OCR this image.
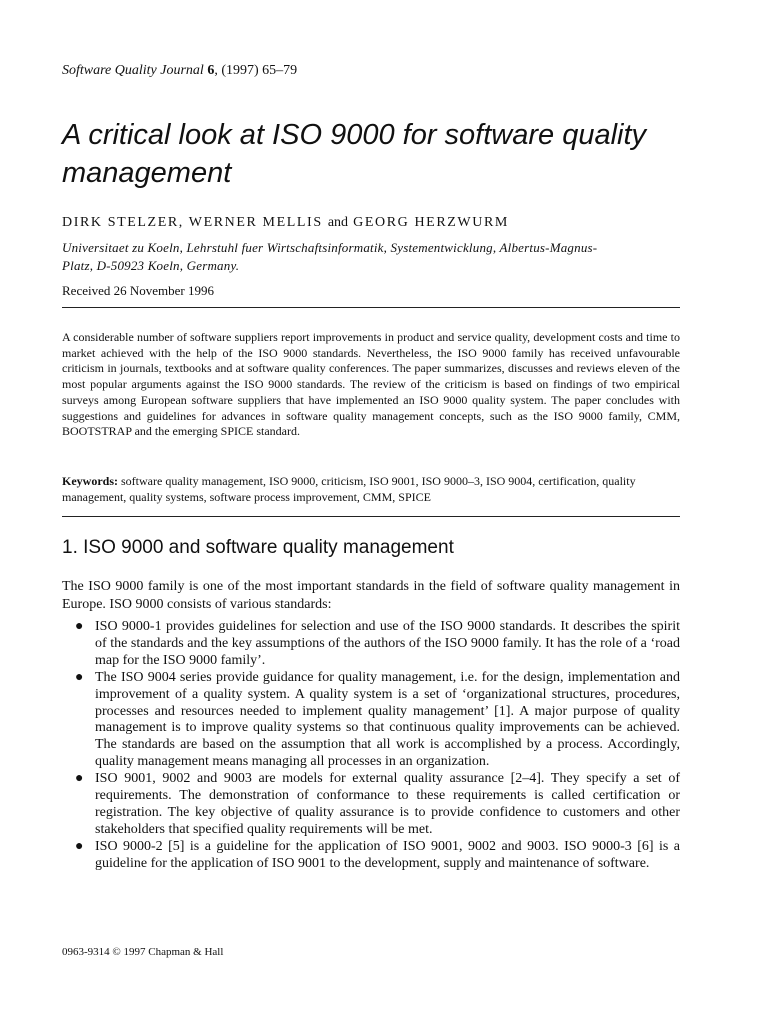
Software Quality Journal 6, (1997) 65–79
A critical look at ISO 9000 for software quality management
DIRK STELZER, WERNER MELLIS and GEORG HERZWURM
Universitaet zu Koeln, Lehrstuhl fuer Wirtschaftsinformatik, Systementwicklung, Albertus-Magnus-Platz, D-50923 Koeln, Germany.
Received 26 November 1996

A considerable number of software suppliers report improvements in product and service quality, development costs and time to market achieved with the help of the ISO 9000 standards. Nevertheless, the ISO 9000 family has received unfavourable criticism in journals, textbooks and at software quality conferences. The paper summarizes, discusses and reviews eleven of the most popular arguments against the ISO 9000 standards. The review of the criticism is based on findings of two empirical surveys among European software suppliers that have implemented an ISO 9000 quality system. The paper concludes with suggestions and guidelines for advances in software quality management concepts, such as the ISO 9000 family, CMM, BOOTSTRAP and the emerging SPICE standard.

Keywords: software quality management, ISO 9000, criticism, ISO 9001, ISO 9000–3, ISO 9004, certification, quality management, quality systems, software process improvement, CMM, SPICE

1. ISO 9000 and software quality management

The ISO 9000 family is one of the most important standards in the field of software quality management in Europe. ISO 9000 consists of various standards:

● ISO 9000-1 provides guidelines for selection and use of the ISO 9000 standards. It describes the spirit of the standards and the key assumptions of the authors of the ISO 9000 family. It has the role of a ‘road map for the ISO 9000 family’.
● The ISO 9004 series provide guidance for quality management, i.e. for the design, implementation and improvement of a quality system. A quality system is a set of ‘organizational structures, procedures, processes and resources needed to implement quality management’ [1]. A major purpose of quality management is to improve quality systems so that continuous quality improvements can be achieved. The standards are based on the assumption that all work is accomplished by a process. Accordingly, quality management means managing all processes in an organization.
● ISO 9001, 9002 and 9003 are models for external quality assurance [2–4]. They specify a set of requirements. The demonstration of conformance to these requirements is called certification or registration. The key objective of quality assurance is to provide confidence to customers and other stakeholders that specified quality requirements will be met.
● ISO 9000-2 [5] is a guideline for the application of ISO 9001, 9002 and 9003. ISO 9000-3 [6] is a guideline for the application of ISO 9001 to the development, supply and maintenance of software.
0963-9314 © 1997 Chapman & Hall
